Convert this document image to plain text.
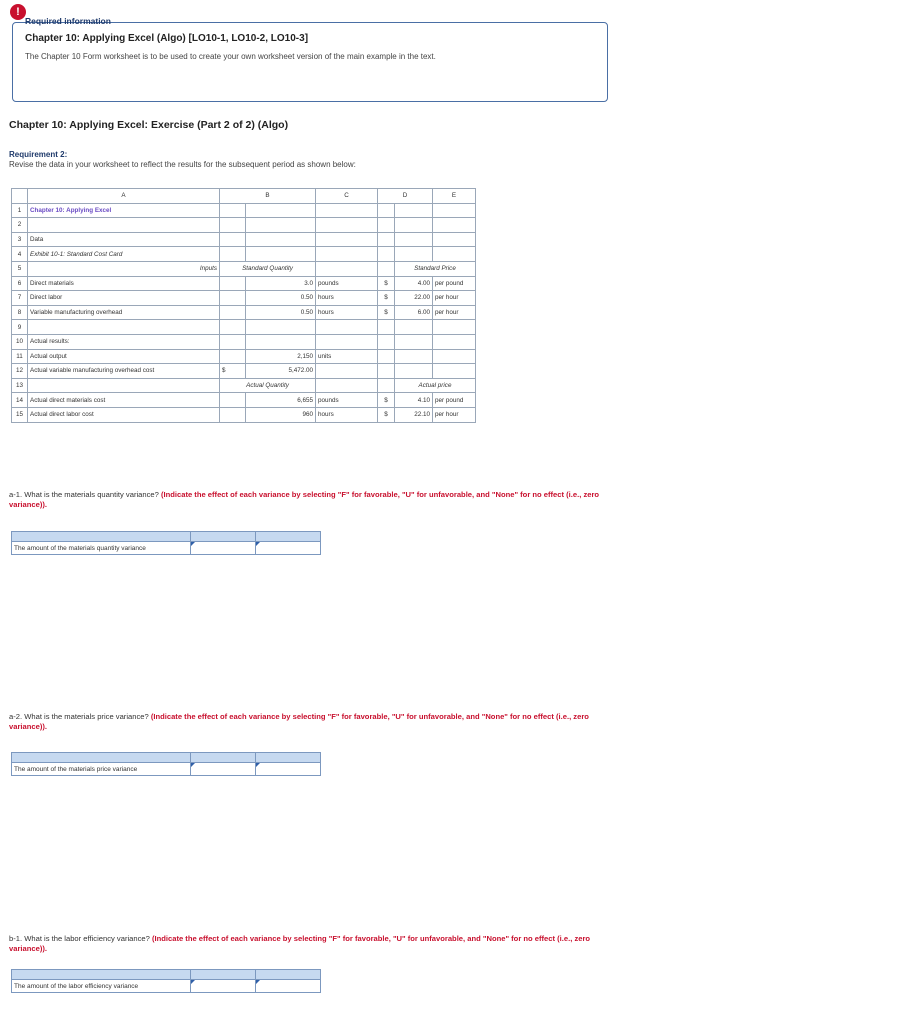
!
Required information
Chapter 10: Applying Excel (Algo) [LO10-1, LO10-2, LO10-3]
The Chapter 10 Form worksheet is to be used to create your own worksheet version of the main example in the text.
Chapter 10: Applying Excel: Exercise (Part 2 of 2) (Algo)
Requirement 2:
Revise the data in your worksheet to reflect the results for the subsequent period as shown below:
	A	B		C	D		E
1	Chapter 10: Applying Excel						
2							
3	Data						
4	Exhibit 10-1: Standard Cost Card						
5	Inputs	Standard Quantity				Standard Price	
6	Direct materials		3.0	pounds	$	4.00	per pound
7	Direct labor		0.50	hours	$	22.00	per hour
8	Variable manufacturing overhead		0.50	hours	$	6.00	per hour
9							
10	Actual results:						
11	Actual output		2,150	units			
12	Actual variable manufacturing overhead cost	$	5,472.00				
13		Actual Quantity				Actual price	
14	Actual direct materials cost		6,655	pounds	$	4.10	per pound
15	Actual direct labor cost		960	hours	$	22.10	per hour
a-1. What is the materials quantity variance? (Indicate the effect of each variance by selecting "F" for favorable, "U" for unfavorable, and "None" for no effect (i.e., zero variance)).

The amount of the materials quantity variance	

a-2. What is the materials price variance? (Indicate the effect of each variance by selecting "F" for favorable, "U" for unfavorable, and "None" for no effect (i.e., zero variance)).

The amount of the materials price variance	

b-1. What is the labor efficiency variance? (Indicate the effect of each variance by selecting "F" for favorable, "U" for unfavorable, and "None" for no effect (i.e., zero variance)).

The amount of the labor efficiency variance	
